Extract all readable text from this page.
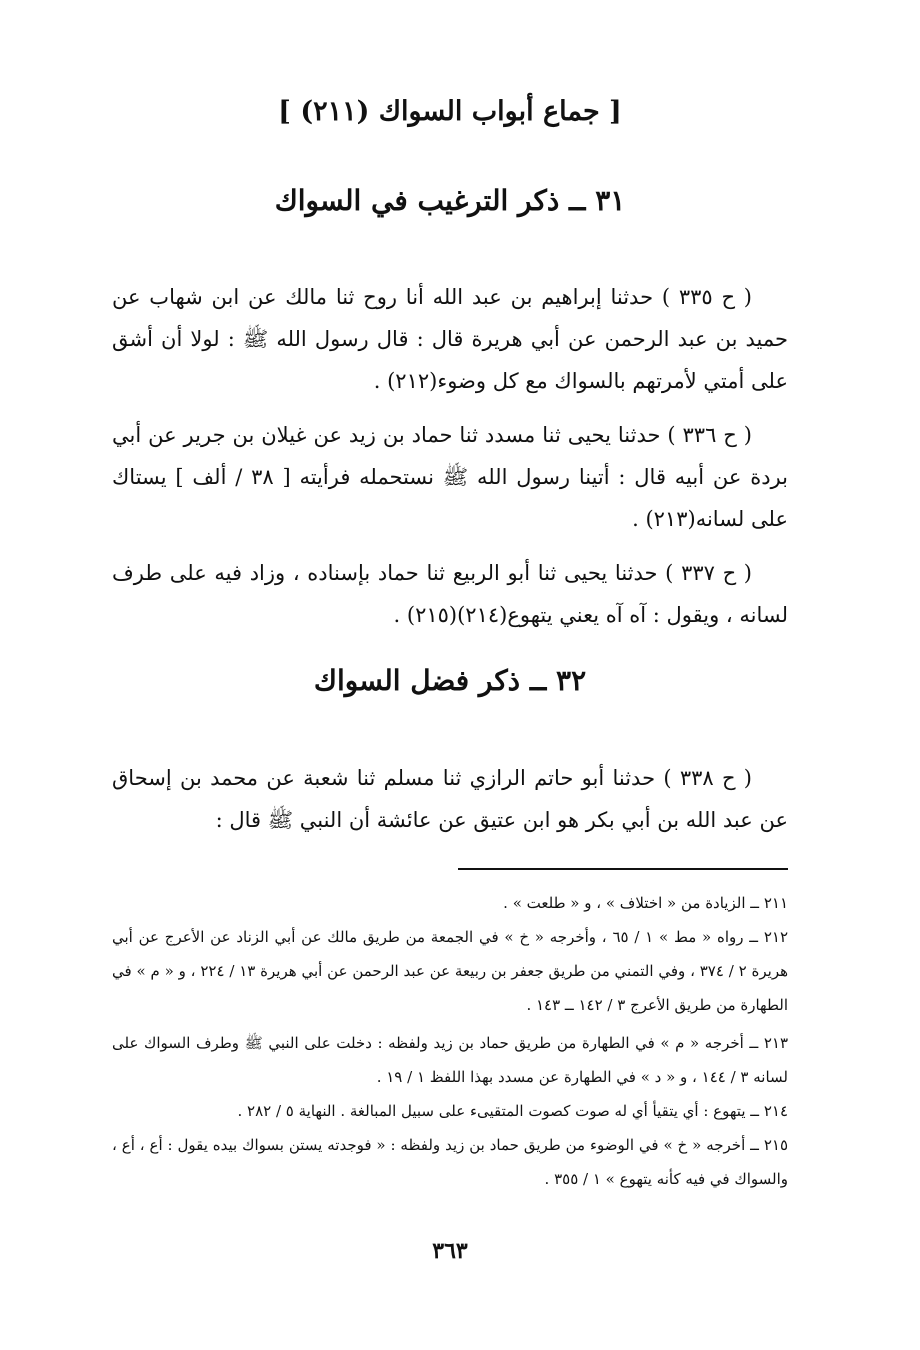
[ جماع أبواب السواك (٢١١) ]
٣١ ــ ذكر الترغيب في السواك

( ح ٣٣٥ ) حدثنا إبراهيم بن عبد الله أنا روح ثنا مالك عن ابن شهاب عن حميد بن عبد الرحمن عن أبي هريرة قال : قال رسول الله ﷺ : لولا أن أشق على أمتي لأمرتهم بالسواك مع كل وضوء(٢١٢) .

( ح ٣٣٦ ) حدثنا يحيى ثنا مسدد ثنا حماد بن زيد عن غيلان بن جرير عن أبي بردة عن أبيه قال : أتينا رسول الله ﷺ نستحمله فرأيته [ ٣٨ / ألف ] يستاك على لسانه(٢١٣) .

( ح ٣٣٧ ) حدثنا يحيى ثنا أبو الربيع ثنا حماد بإسناده ، وزاد فيه على طرف لسانه ، ويقول : آه آه يعني يتهوع(٢١٤)(٢١٥) .

٣٢ ــ ذكر فضل السواك

( ح ٣٣٨ ) حدثنا أبو حاتم الرازي ثنا مسلم ثنا شعبة عن محمد بن إسحاق عن عبد الله بن أبي بكر هو ابن عتيق عن عائشة أن النبي ﷺ قال :

٢١١ ــ الزيادة من « اختلاف » ، و « طلعت » .

٢١٢ ــ رواه « مط » ١ / ٦٥ ، وأخرجه « خ » في الجمعة من طريق مالك عن أبي الزناد عن الأعرج عن أبي هريرة ٢ / ٣٧٤ ، وفي التمني من طريق جعفر بن ربيعة عن عبد الرحمن عن أبي هريرة ١٣ / ٢٢٤ ، و « م » في الطهارة من طريق الأعرج ٣ / ١٤٢ ــ ١٤٣ .

٢١٣ ــ أخرجه « م » في الطهارة من طريق حماد بن زيد ولفظه : دخلت على النبي ﷺ وطرف السواك على لسانه ٣ / ١٤٤ ، و « د » في الطهارة عن مسدد بهذا اللفظ ١ / ١٩ .

٢١٤ ــ يتهوع : أي يتقيأ أي له صوت كصوت المتقيىء على سبيل المبالغة . النهاية ٥ / ٢٨٢ .

٢١٥ ــ أخرجه « خ » في الوضوء من طريق حماد بن زيد ولفظه : « فوجدته يستن بسواك بيده يقول : أع ، أع ، والسواك في فيه كأنه يتهوع » ١ / ٣٥٥ .

٣٦٣
